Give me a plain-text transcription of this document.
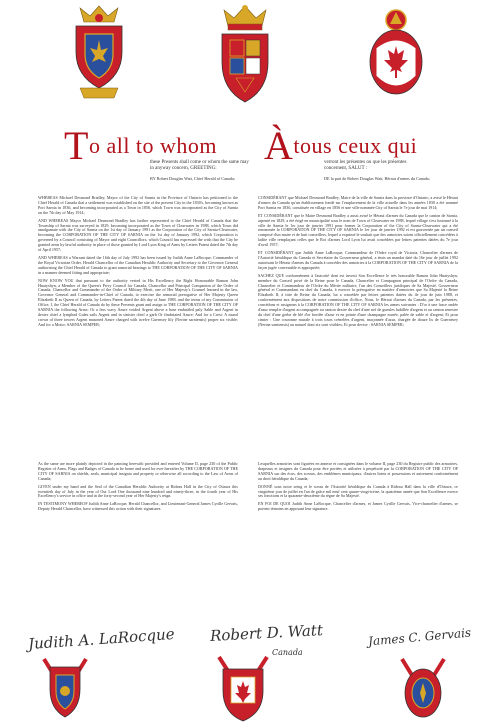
To all to whom Àtous ceux qui
these Presents shall come or whom the same may
in anyway concern, GREETING:
verront les présentes ou que les présentes
concernent, SALUT :
BY Robert Douglas Watt, Chief Herald of Canada;	DE la part de Robert Douglas Watt, Héraut d'armes du Canada;

WHEREAS Michael Desmond Bradley, Mayor of the City of Sarnia in the Province of Ontario has petitioned to the Chief Herald of Canada that a settlement was established on the site of the present City in the 1830's, becoming known as Port Sarnia in 1836, and becoming incorporated as a Town in 1856, which Town was incorporated as the City of Sarnia on the 7th day of May 1914;

AND WHEREAS Mayor Michael Desmond Bradley has further represented to the Chief Herald of Canada that the Township of Sarnia was surveyed in 1829, becoming incorporated as the Town of Clearwater in 1988, which Town did amalgamate with the City of Sarnia on the 1st day of January 1991 as the Corporation of the City of Sarnia-Clearwater, becoming the CORPORATION OF THE CITY OF SARNIA on the 1st day of January 1992, which Corporation is governed by a Council consisting of Mayor and eight Councillors, which Council has expressed the wish that the City be granted arms by lawful authority in place of those granted by Lord Lyon King of Arms by Letters Patent dated the 7th day of April 1957;

AND WHEREAS a Warrant dated the 16th day of July 1992 has been issued by Judith Anne LaRocque, Commander of the Royal Victorian Order, Herald Chancellor of the Canadian Heraldic Authority and Secretary to the Governor General authorizing the Chief Herald of Canada to grant armorial bearings to THE CORPORATION OF THE CITY OF SARNIA in a manner deemed fitting and appropriate;

NOW KNOW YOU that pursuant to the authority vested in His Excellency the Right Honourable Ramon John Hnatyshyn, a Member of the Queen's Privy Council for Canada, Chancellor and Principal Companion of the Order of Canada, Chancellor and Commander of the Order of Military Merit, one of Her Majesty's Counsel learned in the law, Governor General and Commander-in-Chief of Canada, to exercise the armorial prerogative of Her Majesty Queen Elizabeth II as Queen of Canada, by Letters Patent dated the 4th day of June 1988, and the terms of my Commission of Office, I, the Chief Herald of Canada do by these Presents grant and assign to THE CORPORATION OF THE CITY OF SARNIA the following Arms: Or a fess wavy Azure voided Argent above a base embattled paly Sable and Argent in dexter chief a lymphad Gules sails Argent and in sinister chief a garb Or fimbriated Azure; And for a Crest: A mural crown of three towers Argent masoned Azure charged with twelve Guernsey lily (Nerine sarniensis) proper six visible; And for a Motto: SARNIA SEMPER;

As the same are more plainly depicted in the painting herewith provided and entered Volume II, page 230 of the Public Register of Arms, Flags and Badges of Canada to be borne and used for ever hereafter by THE CORPORATION OF THE CITY OF SARNIA on shields, seals, municipal insignia and property or otherwise all according to the Law of Arms of Canada;

GIVEN under my hand and the Seal of the Canadian Heraldic Authority at Rideau Hall in the City of Ottawa this twentieth day of July in the year of Our Lord One thousand nine hundred and ninety-three, in the fourth year of His Excellency's service in office and in the forty-second year of Her Majesty's reign.

IN TESTIMONY WHEREOF Judith Anne LaRocque, Herald Chancellor, and Lieutenant-General James Cyrille Gervais, Deputy Herald Chancellor, have witnessed this action with their signatures.

CONSIDÉRANT que Michael Desmond Bradley, Maire de la ville de Sarnia dans la province d'Ontario, a avisé le Héraut d'armes du Canada qu'un établissement fondé sur l'emplacement de la ville actuelle dans les années 1830 a été nommé Port Sarnia en 1836, constituée en village en 1856 et une ville nommée City of Sarnia le 7e jour de mai 1914;

ET CONSIDÉRANT que le Maire Desmond Bradley a aussi avisé le Héraut d'armes du Canada que le canton de Sarnia, arpenté en 1829, a été érigé en municipalité sous le nom de Town of Clearwater en 1988, lequel village s'est fusionné à la ville de Sarnia le 1er jour de janvier 1991 pour former la Corporation of the City of Sarnia-Clearwater qui a été renommée la CORPORATION OF THE CITY OF SARNIA le 1er jour de janvier 1992 et est gouvernée par un conseil composé d'un maire et de huit conseillers, lequel a exprimé le souhait que des armoiries soient officiellement concédées à ladite ville remplaçant celles que le Roi d'armes Lord Lyon lui avait concédées par lettres patentes datées du 7e jour d'avril 1957;

ET CONSIDÉRANT que Judith Anne LaRocque, Commandeur de l'Ordre royal de Victoria, Chancelier d'armes de l'Autorité héraldique du Canada et Secrétaire du Gouverneur général, a émis un mandat daté du 16e jour de juillet 1992 autorisant le Héraut d'armes du Canada à concéder des armoiries à la CORPORATION OF THE CITY OF SARNIA de la façon jugée convenable et appropriée;

SACHEZ QUE conformément à l'autorité dont est investi Son Excellence le très honorable Ramon John Hnatyshyn, membre du Conseil privé de la Reine pour le Canada, Chancelier et Compagnon principal de l'Ordre du Canada, Chancelier et Commandeur de l'Ordre du Mérite militaire, l'un des Conseillers juridiques de Sa Majesté, Gouverneur général et Commandant en chef du Canada, à exercer la prérogative en matière d'armoiries que Sa Majesté la Reine Elizabeth II, à titre de Reine du Canada, lui a concédée par lettres patentes datées du 4e jour de juin 1988, et conformément aux dispositions de notre commission d'office, Nous, le Héraut d'armes du Canada, par les présentes, concédons et assignons à la CORPORATION OF THE CITY OF SARNIA les armes suivantes : D'or à une fasce ondée d'azur remplie d'argent accompagnée au canton dextre du chef d'une nef de gueules habillée d'argent et au canton senestre du chef d'une gerbe de blé d'or bordée d'azur et en pointe d'une champagne murée, palée de sable et d'argent; Et pour cimier : Une couronne murale à trois tours crénelées d'argent, maçonnée d'azur, chargée de douze lis de Guernesey (Nerine sarniensis) au naturel dont six sont visibles; Et pour devise : SARNIA SEMPER;

Lesquelles armoiries sont figurées en annexe et consignées dans le volume II, page 230 du Registre public des armoiries, drapeaux et insignes du Canada pour être portées et utilisées à perpétuité par la CORPORATION OF THE CITY OF SARNIA sur des écus, des sceaux, des emblèmes municipaux, d'autres biens et possessions et autrement conformément au droit héraldique du Canada;

DONNÉ sous notre seing et le sceau de l'Autorité héraldique du Canada à Rideau Hall dans la ville d'Ottawa, ce vingtième jour de juillet en l'an de grâce mil neuf cent quatre-vingt-treize, la quatrième année que Son Excellence exerce ses fonctions et la quarante-deuxième du règne de Sa Majesté.

EN FOI DE QUOI Judith Anne LaRocque, Chancelier d'armes, et James Cyrille Gervais, Vice-chancelier d'armes, se portent témoins en apposant leur signature.

Judith A. LaRocque Robert D. Watt
Canada
James C. Gervais
